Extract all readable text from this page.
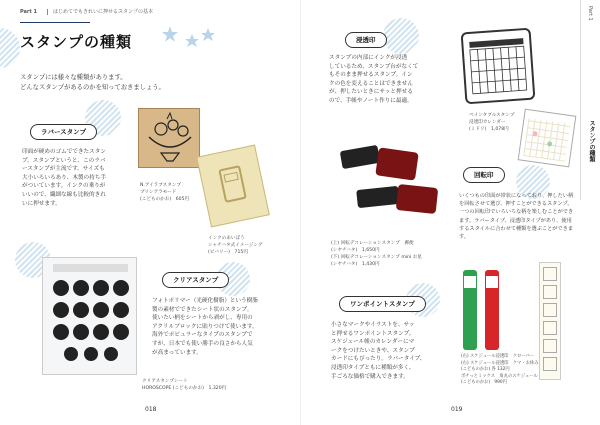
Part 1	はじめてでもきれいに押せるスタンプの基本
スタンプの種類
スタンプには様々な種類があります。
どんなスタンプがあるのかを知っておきましょう。
ラバースタンプ
印面が硬めのゴムでできたスタン
プ。スタンプというと、このラバ
ースタンプが主流です。サイズも
大小いろいろあり、木製の持ち手
がついています。インクの乗りが
いいので、繊細な線も比較的きれ
いに押せます。
N.アイラブスタンプ
プリンアラモード
(こどものかお)　605円
インクのあいぼう
シャチハタ式イメージング
(ピバリー)　715円
クリアスタンプ
フォトポリマー（光硬化樹脂）という樹脂
製の素材でできたシート状のスタンプ。
使いたい柄をシートから剥がし、専用の
アクリルブロックに貼りつけて使います。
海外でポピュラーなタイプのスタンプで
すが、日本でも使い勝手の良さから人気
が高まっています。
クリアスタンプシート
HOROSCOPE (こどものかお)　1,320円
018
Part 1
スタンプの種類
浸透印
スタンプの内部にインクが浸透
しているため、スタンプ台がなくて
もそのまま押せるスタンプ。イン
クの色を変えることはできません
が、押したいときにサッと押せる
ので、手帳やノート作りに最適。
ペインタブルスタンプ
浸透印カレンダー
(ミドリ)　1,078円
回転印
いくつもの印面が帯状になっており、押したい柄
を回転させて選び、押すことができるスタンプ。
一つの回転印でいろいろな柄を楽しむことができ
ます。ラバータイプ、浸透印タイプがあり、使用
するスタイルに合わせて種類を選ぶことができます。
(上) 回転デコレーションスタンプ　郵便
(シヤチハタ)　1,650円
(下) 回転デコレーションスタンプ mini お星
(シヤチハタ)　1,430円
ワンポイントスタンプ
小さなマークやイラストを、サッ
と押せるワンポイントスタンプ。
スケジュール帳のカレンダーにマ
ークをつけたいときや、スタンプ
カードにもぴったり。ラバータイプ、
浸透印タイプともに種類が多く、
手ごろな価格で購入できます。
(右) スケジュール浸透印　クローバー
(右) スケジュール浸透印　クマ・お休み
(こどものかお) 各 132円
ポチっとミックス　角丸のスケジュール
(こどものかお)　990円
019
